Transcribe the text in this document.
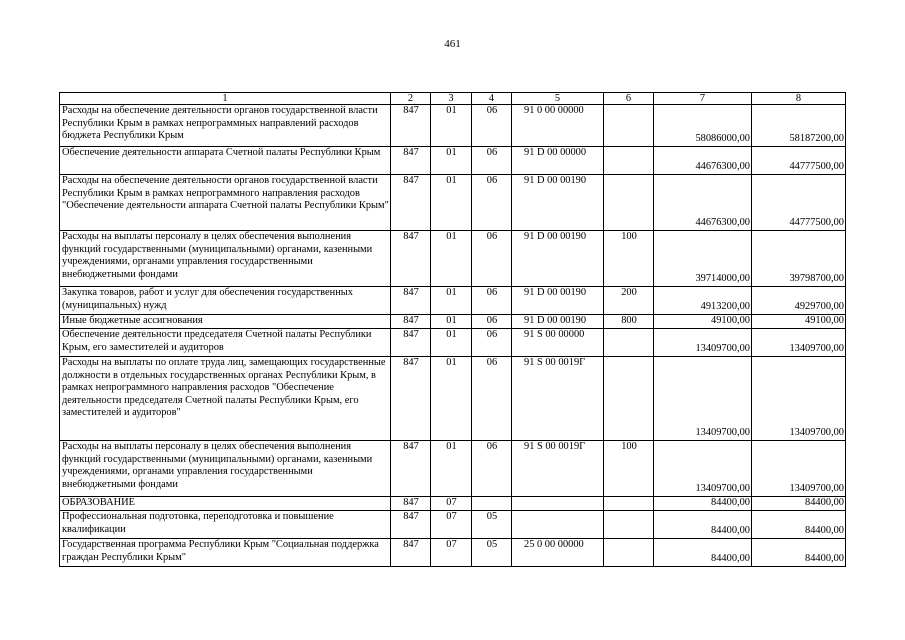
461
1	2	3	4	5	6	7	8
Расходы на обеспечение деятельности органов государственной власти Республики Крым в рамках непрограммных направлений расходов бюджета Республики Крым	847	01	06	91 0 00 00000		58086000,00	58187200,00
Обеспечение деятельности аппарата Счетной палаты Республики Крым	847	01	06	91 D 00 00000		44676300,00	44777500,00
Расходы на обеспечение деятельности органов государственной власти Республики Крым в рамках непрограммного направления расходов "Обеспечение деятельности аппарата Счетной палаты Республики Крым"	847	01	06	91 D 00 00190		44676300,00	44777500,00
Расходы на выплаты персоналу в целях обеспечения выполнения функций государственными (муниципальными) органами, казенными учреждениями, органами управления государственными внебюджетными фондами	847	01	06	91 D 00 00190	100	39714000,00	39798700,00
Закупка товаров, работ и услуг для обеспечения государственных (муниципальных) нужд	847	01	06	91 D 00 00190	200	4913200,00	4929700,00
Иные бюджетные ассигнования	847	01	06	91 D 00 00190	800	49100,00	49100,00
Обеспечение деятельности председателя Счетной палаты Республики Крым, его заместителей и аудиторов	847	01	06	91 S 00 00000		13409700,00	13409700,00
Расходы на выплаты по оплате труда лиц, замещающих государственные должности в отдельных государственных органах Республики Крым, в рамках непрограммного направления расходов "Обеспечение деятельности председателя Счетной палаты Республики Крым, его заместителей и аудиторов"	847	01	06	91 S 00 0019Г		13409700,00	13409700,00
Расходы на выплаты персоналу в целях обеспечения выполнения функций государственными (муниципальными) органами, казенными учреждениями, органами управления государственными внебюджетными фондами	847	01	06	91 S 00 0019Г	100	13409700,00	13409700,00
ОБРАЗОВАНИЕ	847	07				84400,00	84400,00
Профессиональная подготовка, переподготовка и повышение квалификации	847	07	05			84400,00	84400,00
Государственная программа Республики Крым "Социальная поддержка граждан Республики Крым"	847	07	05	25 0 00 00000		84400,00	84400,00
